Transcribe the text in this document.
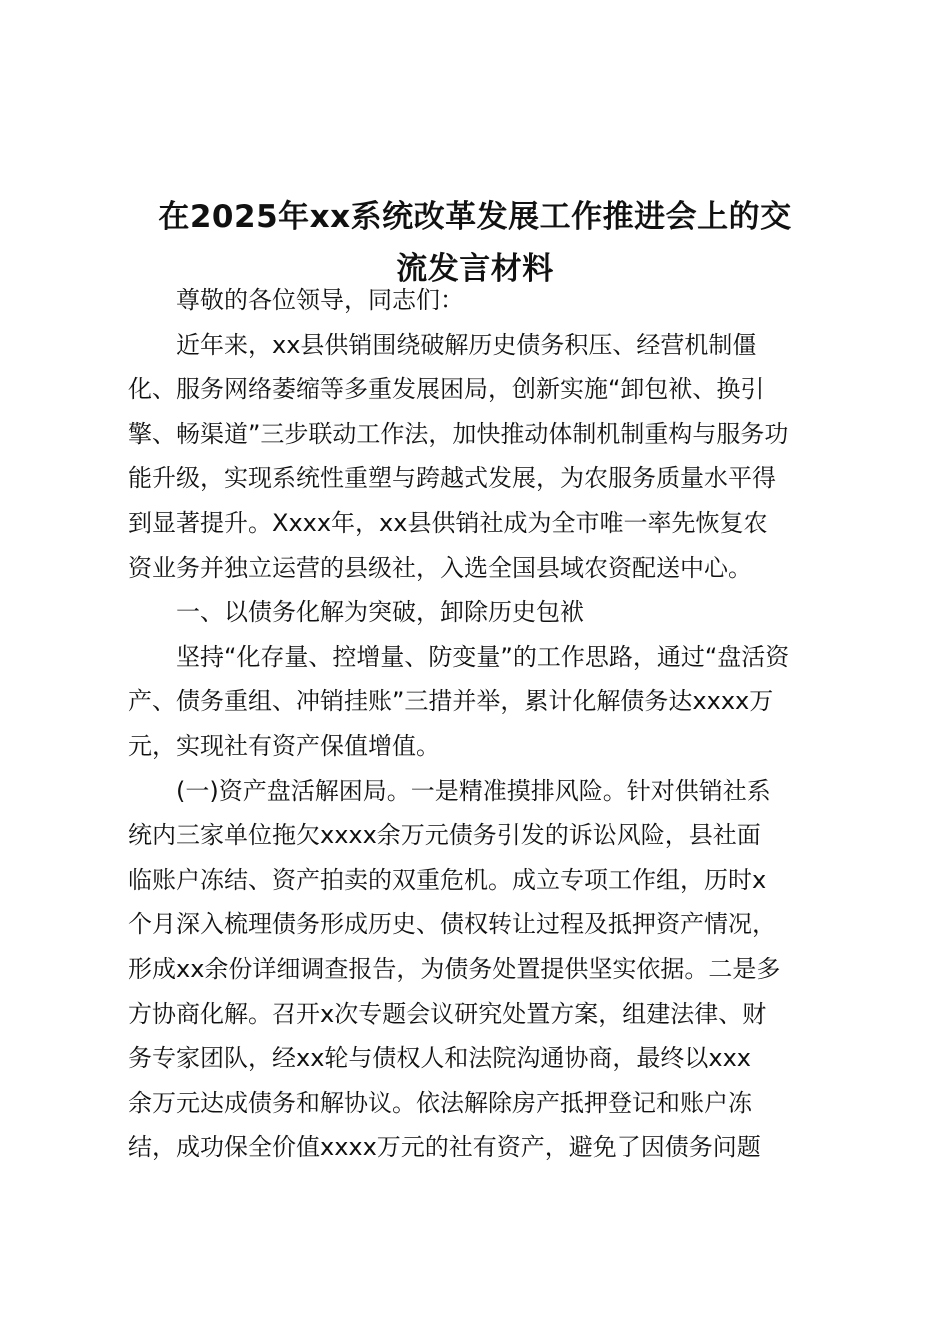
在2025年xx系统改革发展工作推进会上的交
流发言材料

尊敬的各位领导，同志们：

近年来，xx县供销围绕破解历史债务积压、经营机制僵
化、服务网络萎缩等多重发展困局，创新实施“卸包袱、换引
擎、畅渠道”三步联动工作法，加快推动体制机制重构与服务功
能升级，实现系统性重塑与跨越式发展，为农服务质量水平得
到显著提升。Xxxx年，xx县供销社成为全市唯一率先恢复农
资业务并独立运营的县级社，入选全国县域农资配送中心。

一、以债务化解为突破，卸除历史包袱

坚持“化存量、控增量、防变量”的工作思路，通过“盘活资
产、债务重组、冲销挂账”三措并举，累计化解债务达xxxx万
元，实现社有资产保值增值。

(一)资产盘活解困局。一是精准摸排风险。针对供销社系
统内三家单位拖欠xxxx余万元债务引发的诉讼风险，县社面
临账户冻结、资产拍卖的双重危机。成立专项工作组，历时x
个月深入梳理债务形成历史、债权转让过程及抵押资产情况，
形成xx余份详细调查报告，为债务处置提供坚实依据。二是多
方协商化解。召开x次专题会议研究处置方案，组建法律、财
务专家团队，经xx轮与债权人和法院沟通协商，最终以xxx
余万元达成债务和解协议。依法解除房产抵押登记和账户冻
结，成功保全价值xxxx万元的社有资产，避免了因债务问题
